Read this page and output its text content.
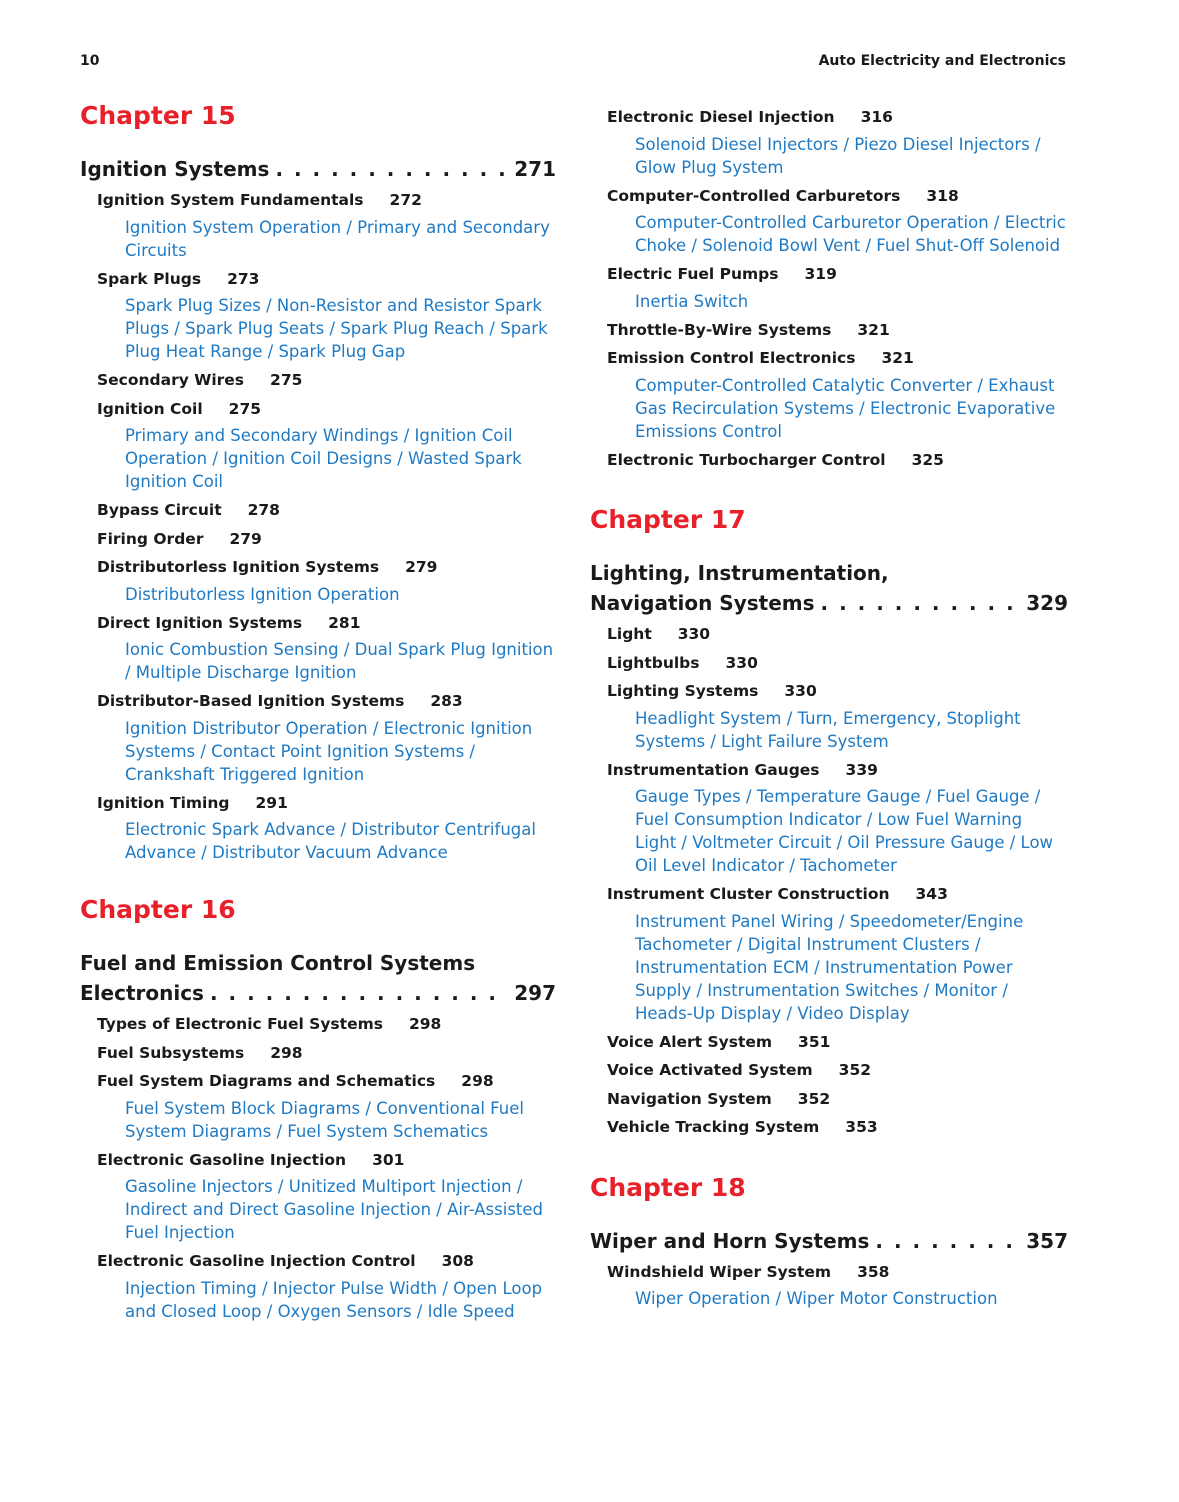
10	Auto Electricity and Electronics
Chapter 15
Ignition Systems . . .	271
Ignition System Fundamentals 272
Ignition System Operation / Primary and Secondary Circuits
Spark Plugs 273
Spark Plug Sizes / Non-Resistor and Resistor Spark Plugs / Spark Plug Seats / Spark Plug Reach / Spark Plug Heat Range / Spark Plug Gap
Secondary Wires 275
Ignition Coil 275
Primary and Secondary Windings / Ignition Coil Operation / Ignition Coil Designs / Wasted Spark Ignition Coil
Bypass Circuit 278
Firing Order 279
Distributorless Ignition Systems 279
Distributorless Ignition Operation
Direct Ignition Systems 281
Ionic Combustion Sensing / Dual Spark Plug Ignition / Multiple Discharge Ignition
Distributor-Based Ignition Systems 283
Ignition Distributor Operation / Electronic Ignition Systems / Contact Point Ignition Systems / Crankshaft Triggered Ignition
Ignition Timing 291
Electronic Spark Advance / Distributor Centrifugal Advance / Distributor Vacuum Advance
Chapter 16
Fuel and Emission Control Systems
Electronics . . .	297
Types of Electronic Fuel Systems 298
Fuel Subsystems 298
Fuel System Diagrams and Schematics 298
Fuel System Block Diagrams / Conventional Fuel System Diagrams / Fuel System Schematics
Electronic Gasoline Injection 301
Gasoline Injectors / Unitized Multiport Injection / Indirect and Direct Gasoline Injection / Air-Assisted Fuel Injection
Electronic Gasoline Injection Control 308
Injection Timing / Injector Pulse Width / Open Loop and Closed Loop / Oxygen Sensors / Idle Speed
Electronic Diesel Injection 316
Solenoid Diesel Injectors / Piezo Diesel Injectors / Glow Plug System
Computer-Controlled Carburetors 318
Computer-Controlled Carburetor Operation / Electric Choke / Solenoid Bowl Vent / Fuel Shut-Off Solenoid
Electric Fuel Pumps 319
Inertia Switch
Throttle-By-Wire Systems 321
Emission Control Electronics 321
Computer-Controlled Catalytic Converter / Exhaust Gas Recirculation Systems / Electronic Evaporative Emissions Control
Electronic Turbocharger Control 325
Chapter 17
Lighting, Instrumentation,
Navigation Systems . . .	329
Light 330
Lightbulbs 330
Lighting Systems 330
Headlight System / Turn, Emergency, Stoplight Systems / Light Failure System
Instrumentation Gauges 339
Gauge Types / Temperature Gauge / Fuel Gauge / Fuel Consumption Indicator / Low Fuel Warning Light / Voltmeter Circuit / Oil Pressure Gauge / Low Oil Level Indicator / Tachometer
Instrument Cluster Construction 343
Instrument Panel Wiring / Speedometer/Engine Tachometer / Digital Instrument Clusters / Instrumentation ECM / Instrumentation Power Supply / Instrumentation Switches / Monitor / Heads-Up Display / Video Display
Voice Alert System 351
Voice Activated System 352
Navigation System 352
Vehicle Tracking System 353
Chapter 18
Wiper and Horn Systems . . .	357
Windshield Wiper System 358
Wiper Operation / Wiper Motor Construction
